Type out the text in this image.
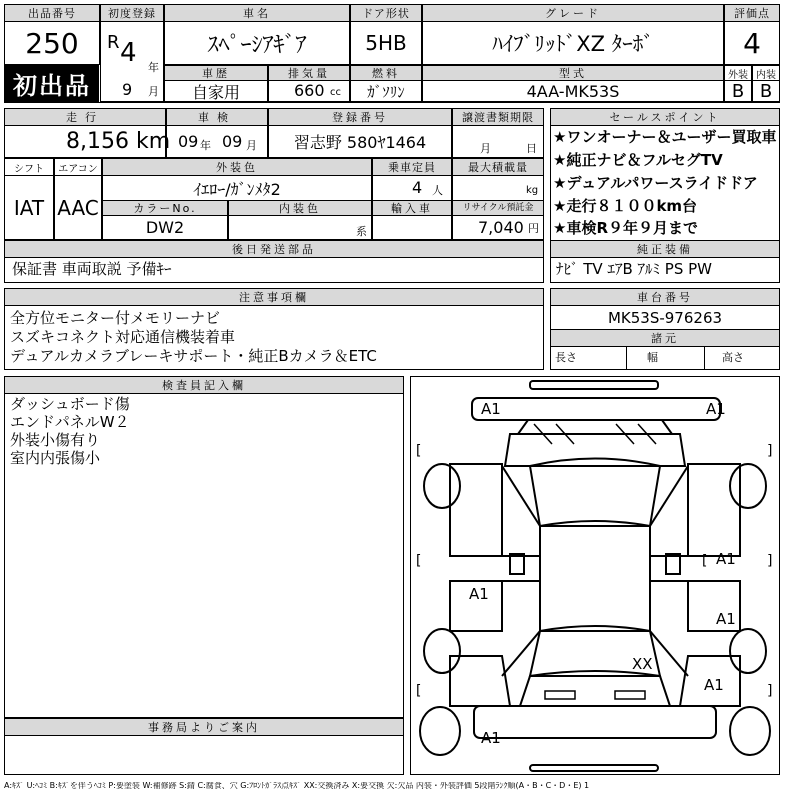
出品番号
250
初出品
初度登録
R 4 年
9 月
車名
ｽﾍﾟｰｼｱｷﾞｱ
ドア形状
5HB
グレード
ﾊｲﾌﾞﾘｯﾄﾞXZ ﾀｰﾎﾞ
評価点
4
車歴
自家用
排気量
660 cc
燃料
ｶﾞｿﾘﾝ
型式
4AA-MK53S
外装 内装
B B
走行
8,156 km
車検
09 年 09 月
登録番号
習志野 580ﾔ1464
譲渡書類期限
月	日
シフト
IAT
エアコン
AAC
外装色
ｲｴﾛｰ/ｶﾞﾝﾒﾀ2
乗車定員
4 人
最大積載量
kg
カラーNo.
DW2
内装色
系
輸入車	リサイクル預託金
7,040 円
後日発送部品
保証書 車両取説 予備ｷｰ
セールスポイント
★ワンオーナー＆ユーザー買取車
★純正ナビ＆フルセグTV
★デュアルパワースライドドア
★走行８１００km台
★車検R９年９月まで
純正装備
ﾅﾋﾞ TV ｴｱB ｱﾙﾐ PS PW
注意事項欄
全方位モニター付メモリーナビ
スズキコネクト対応通信機装着車
デュアルカメラブレーキサポート・純正Bカメラ＆ETC
車台番号
MK53S-976263
諸元
長さ	幅	高さ
検査員記入欄
ダッシュボード傷
エンドパネルW２
外装小傷有り
室内内張傷小
事務局よりご案内
[	]
[	[	]
[	]
A1	A1
A1
A1
A1
XX
A1
A1
A:ｷｽﾞ U:ﾍｺﾐ B:ｷｽﾞを伴うﾍｺﾐ P:要塗装 W:補修跡 S:錆 C:腐食、穴 G:ﾌﾛﾝﾄｶﾞﾗｽ点ｷｽﾞ XX:交換済み X:要交換 欠:欠品 内装・外装評価 5段階ﾗﾝｸ順(A・B・C・D・E) 1
